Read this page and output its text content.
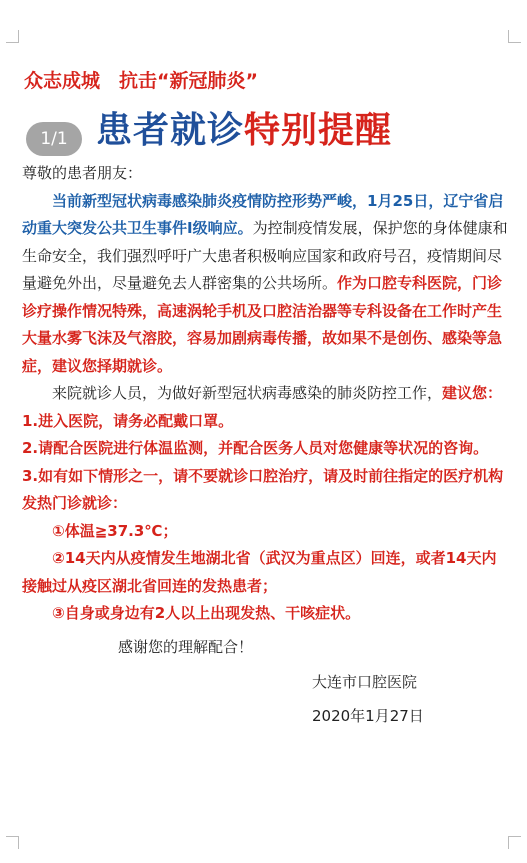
众志成城　抗击“新冠肺炎”
患者就诊特别提醒
1/1

尊敬的患者朋友：

当前新型冠状病毒感染肺炎疫情防控形势严峻，1月25日，辽宁省启动重大突发公共卫生事件Ⅰ级响应。为控制疫情发展，保护您的身体健康和生命安全，我们强烈呼吁广大患者积极响应国家和政府号召，疫情期间尽量避免外出，尽量避免去人群密集的公共场所。作为口腔专科医院，门诊诊疗操作情况特殊，高速涡轮手机及口腔洁治器等专科设备在工作时产生大量水雾飞沫及气溶胶，容易加剧病毒传播，故如果不是创伤、感染等急症，建议您择期就诊。

来院就诊人员，为做好新型冠状病毒感染的肺炎防控工作，建议您：

1.进入医院，请务必配戴口罩。

2.请配合医院进行体温监测，并配合医务人员对您健康等状况的咨询。

3.如有如下情形之一，请不要就诊口腔治疗，请及时前往指定的医疗机构发热门诊就诊：

①体温≧37.3℃；

②14天内从疫情发生地湖北省（武汉为重点区）回连，或者14天内接触过从疫区湖北省回连的发热患者；

③自身或身边有2人以上出现发热、干咳症状。

感谢您的理解配合！

大连市口腔医院
2020年1月27日
